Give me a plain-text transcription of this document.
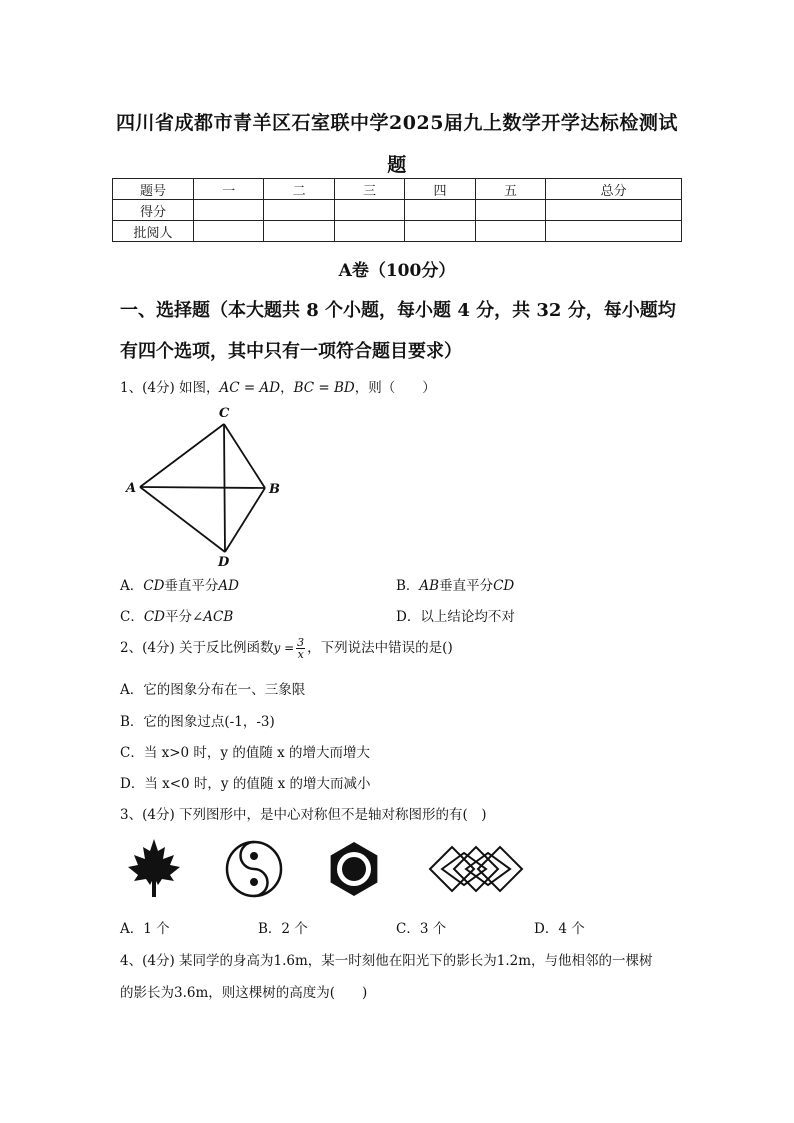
四川省成都市青羊区石室联中学2025届九上数学开学达标检测试
题
题号	一	二	三	四	五	总分
得分						
批阅人						
A卷（100分）
一、选择题（本大题共 8 个小题，每小题 4 分，共 32 分，每小题均
有四个选项，其中只有一项符合题目要求）
1、(4分) 如图，AC = AD，BC = BD，则（　　）
C
A	B
D
A．CD垂直平分AD	B．AB垂直平分CD
C．CD平分∠ACB	D．以上结论均不对
2、(4分) 关于反比例函数$y = \frac{3}{x}$ ，下列说法中错误的是()
A．它的图象分布在一、三象限
B．它的图象过点(-1，-3)
C．当 x>0 时，y 的值随 x 的增大而增大
D．当 x<0 时，y 的值随 x 的增大而减小
3、(4分) 下列图形中，是中心对称但不是轴对称图形的有(　)
A．1 个	B．2 个	C．3 个	D．4 个
4、(4分) 某同学的身高为1.6m，某一时刻他在阳光下的影长为1.2m，与他相邻的一棵树
的影长为3.6m，则这棵树的高度为(　　)
